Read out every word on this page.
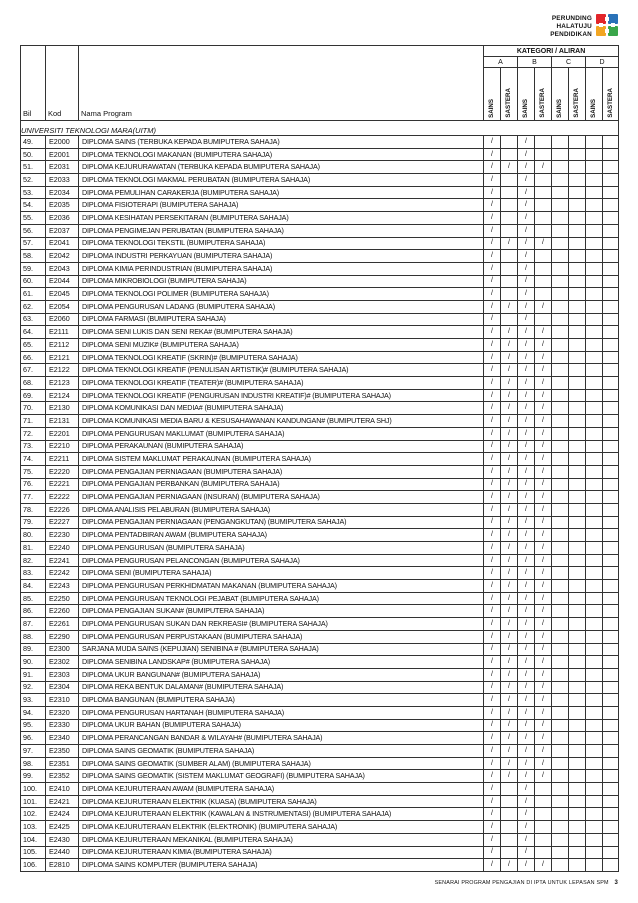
PERUNDING
HALATUJU
PENDIDIKAN
Bil	Kod	Nama Program	KATEGORI / ALIRAN							
			A		B		C		D	
			SAINS	SASTERA	SAINS	SASTERA	SAINS	SASTERA	SAINS	SASTERA
UNIVERSITI TEKNOLOGI MARA(UITM)										
49.	E2000	DIPLOMA SAINS (TERBUKA KEPADA BUMIPUTERA SAHAJA)	/		/					
50.	E2001	DIPLOMA TEKNOLOGI MAKANAN (BUMIPUTERA SAHAJA)	/		/					
51.	E2031	DIPLOMA KEJURURAWATAN (TERBUKA KEPADA BUMIPUTERA SAHAJA)	/	/	/	/				
52.	E2033	DIPLOMA TEKNOLOGI MAKMAL PERUBATAN (BUMIPUTERA SAHAJA)	/		/					
53.	E2034	DIPLOMA PEMULIHAN CARAKERJA (BUMIPUTERA SAHAJA)	/		/					
54.	E2035	DIPLOMA FISIOTERAPI (BUMIPUTERA SAHAJA)	/		/					
55.	E2036	DIPLOMA KESIHATAN PERSEKITARAN (BUMIPUTERA SAHAJA)	/		/					
56.	E2037	DIPLOMA PENGIMEJAN PERUBATAN (BUMIPUTERA SAHAJA)	/		/					
57.	E2041	DIPLOMA TEKNOLOGI TEKSTIL (BUMIPUTERA SAHAJA)	/	/	/	/				
58.	E2042	DIPLOMA INDUSTRI PERKAYUAN (BUMIPUTERA SAHAJA)	/		/					
59.	E2043	DIPLOMA KIMIA PERINDUSTRIAN (BUMIPUTERA SAHAJA)	/		/					
60.	E2044	DIPLOMA MIKROBIOLOGI (BUMIPUTERA SAHAJA)	/		/					
61.	E2045	DIPLOMA TEKNOLOGI POLIMER (BUMIPUTERA SAHAJA)	/		/					
62.	E2054	DIPLOMA PENGURUSAN LADANG (BUMIPUTERA SAHAJA)	/	/	/	/				
63.	E2060	DIPLOMA FARMASI (BUMIPUTERA SAHAJA)	/		/					
64.	E2111	DIPLOMA SENI LUKIS DAN SENI REKA# (BUMIPUTERA SAHAJA)	/	/	/	/				
65.	E2112	DIPLOMA SENI MUZIK# (BUMIPUTERA SAHAJA)	/	/	/	/				
66.	E2121	DIPLOMA TEKNOLOGI KREATIF (SKRIN)# (BUMIPUTERA SAHAJA)	/	/	/	/				
67.	E2122	DIPLOMA TEKNOLOGI KREATIF (PENULISAN ARTISTIK)# (BUMIPUTERA SAHAJA)	/	/	/	/				
68.	E2123	DIPLOMA TEKNOLOGI KREATIF (TEATER)# (BUMIPUTERA SAHAJA)	/	/	/	/				
69.	E2124	DIPLOMA TEKNOLOGI KREATIF (PENGURUSAN INDUSTRI KREATIF)# (BUMIPUTERA SAHAJA)	/	/	/	/				
70.	E2130	DIPLOMA KOMUNIKASI DAN MEDIA# (BUMIPUTERA SAHAJA)	/	/	/	/				
71.	E2131	DIPLOMA KOMUNIKASI MEDIA BARU & KESUSAHAWANAN KANDUNGAN# (BUMIPUTERA SHJ)	/	/	/	/				
72.	E2201	DIPLOMA PENGURUSAN MAKLUMAT (BUMIPUTERA SAHAJA)	/	/	/	/				
73.	E2210	DIPLOMA PERAKAUNAN (BUMIPUTERA SAHAJA)	/	/	/	/				
74.	E2211	DIPLOMA SISTEM MAKLUMAT PERAKAUNAN (BUMIPUTERA SAHAJA)	/	/	/	/				
75.	E2220	DIPLOMA PENGAJIAN PERNIAGAAN (BUMIPUTERA SAHAJA)	/	/	/	/				
76.	E2221	DIPLOMA PENGAJIAN PERBANKAN (BUMIPUTERA SAHAJA)	/	/	/	/				
77.	E2222	DIPLOMA PENGAJIAN PERNIAGAAN (INSURAN) (BUMIPUTERA SAHAJA)	/	/	/	/				
78.	E2226	DIPLOMA ANALISIS PELABURAN (BUMIPUTERA SAHAJA)	/	/	/	/				
79.	E2227	DIPLOMA PENGAJIAN PERNIAGAAN (PENGANGKUTAN) (BUMIPUTERA SAHAJA)	/	/	/	/				
80.	E2230	DIPLOMA PENTADBIRAN AWAM (BUMIPUTERA SAHAJA)	/	/	/	/				
81.	E2240	DIPLOMA PENGURUSAN (BUMIPUTERA SAHAJA)	/	/	/	/				
82.	E2241	DIPLOMA PENGURUSAN PELANCONGAN (BUMIPUTERA SAHAJA)	/	/	/	/				
83.	E2242	DIPLOMA SENI (BUMIPUTERA SAHAJA)	/	/	/	/				
84.	E2243	DIPLOMA PENGURUSAN PERKHIDMATAN MAKANAN (BUMIPUTERA SAHAJA)	/	/	/	/				
85.	E2250	DIPLOMA PENGURUSAN TEKNOLOGI PEJABAT (BUMIPUTERA SAHAJA)	/	/	/	/				
86.	E2260	DIPLOMA PENGAJIAN SUKAN# (BUMIPUTERA SAHAJA)	/	/	/	/				
87.	E2261	DIPLOMA PENGURUSAN SUKAN DAN REKREASI# (BUMIPUTERA SAHAJA)	/	/	/	/				
88.	E2290	DIPLOMA PENGURUSAN PERPUSTAKAAN (BUMIPUTERA SAHAJA)	/	/	/	/				
89.	E2300	SARJANA MUDA SAINS (KEPUJIAN) SENIBINA # (BUMIPUTERA SAHAJA)	/	/	/	/				
90.	E2302	DIPLOMA SENIBINA LANDSKAP# (BUMIPUTERA SAHAJA)	/	/	/	/				
91.	E2303	DIPLOMA UKUR BANGUNAN# (BUMIPUTERA SAHAJA)	/	/	/	/				
92.	E2304	DIPLOMA REKA BENTUK DALAMAN# (BUMIPUTERA SAHAJA)	/	/	/	/				
93.	E2310	DIPLOMA BANGUNAN (BUMIPUTERA SAHAJA)	/	/	/	/				
94.	E2320	DIPLOMA PENGURUSAN HARTANAH (BUMIPUTERA SAHAJA)	/	/	/	/				
95.	E2330	DIPLOMA UKUR BAHAN (BUMIPUTERA SAHAJA)	/	/	/	/				
96.	E2340	DIPLOMA PERANCANGAN BANDAR & WILAYAH# (BUMIPUTERA SAHAJA)	/	/	/	/				
97.	E2350	DIPLOMA SAINS GEOMATIK (BUMIPUTERA SAHAJA)	/	/	/	/				
98.	E2351	DIPLOMA SAINS GEOMATIK (SUMBER ALAM) (BUMIPUTERA SAHAJA)	/	/	/	/				
99.	E2352	DIPLOMA SAINS GEOMATIK (SISTEM MAKLUMAT GEOGRAFI) (BUMIPUTERA SAHAJA)	/	/	/	/				
100.	E2410	DIPLOMA KEJURUTERAAN AWAM (BUMIPUTERA SAHAJA)	/		/					
101.	E2421	DIPLOMA KEJURUTERAAN ELEKTRIK (KUASA) (BUMIPUTERA SAHAJA)	/		/					
102.	E2424	DIPLOMA KEJURUTERAAN ELEKTRIK (KAWALAN & INSTRUMENTASI) (BUMIPUTERA SAHAJA)	/		/					
103.	E2425	DIPLOMA KEJURUTERAAN ELEKTRIK (ELEKTRONIK) (BUMIPUTERA SAHAJA)	/		/					
104.	E2430	DIPLOMA KEJURUTERAAN MEKANIKAL (BUMIPUTERA SAHAJA)	/		/					
105.	E2440	DIPLOMA KEJURUTERAAN KIMIA (BUMIPUTERA SAHAJA)	/		/					
106.	E2810	DIPLOMA SAINS KOMPUTER (BUMIPUTERA SAHAJA)	/	/	/	/				
SENARAI PROGRAM PENGAJIAN DI IPTA UNTUK LEPASAN SPM 3
